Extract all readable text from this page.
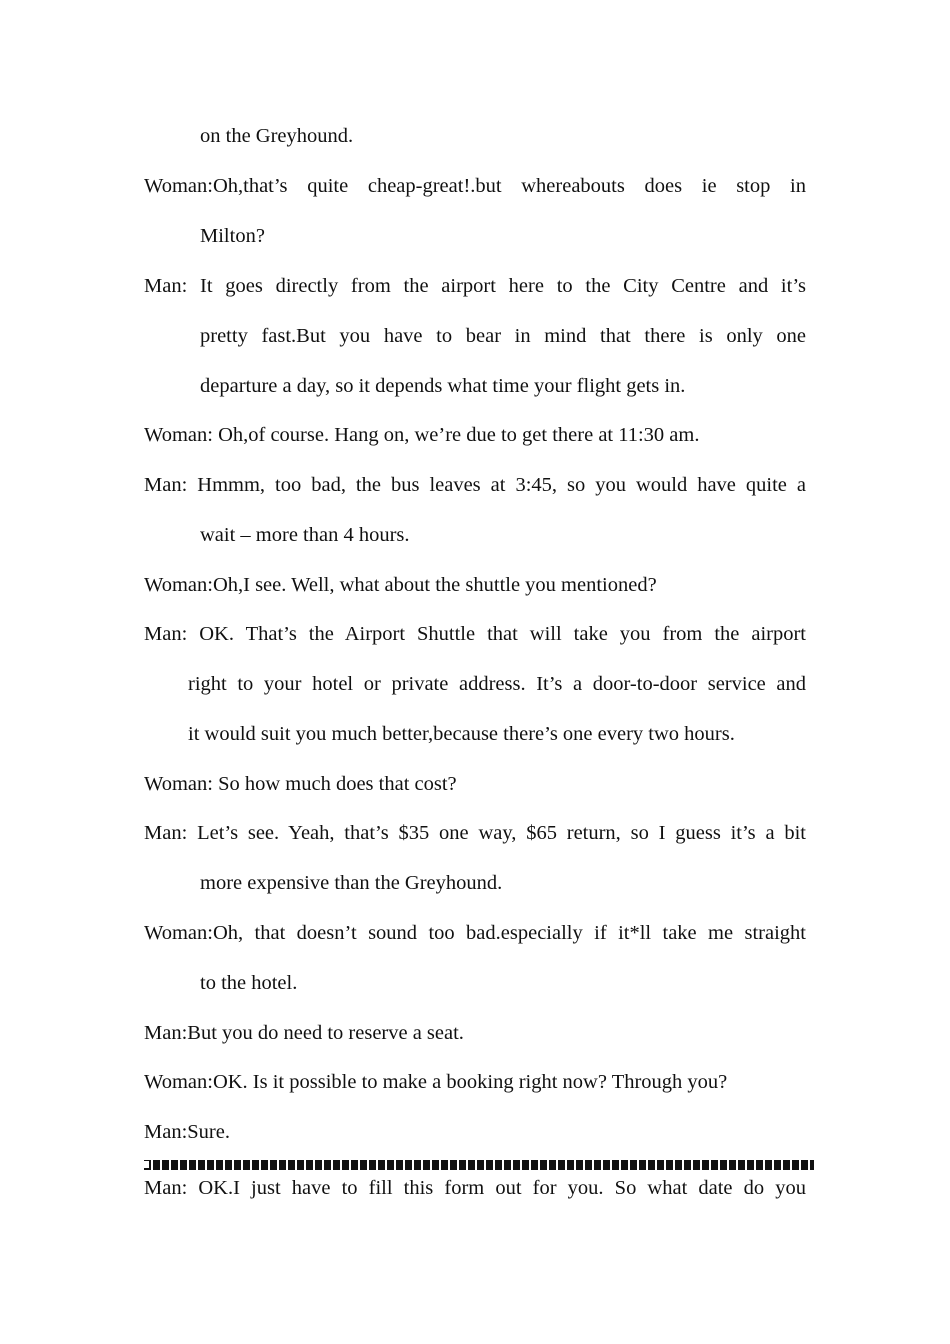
on the Greyhound.
Woman:Oh,that’s quite cheap-great!.but whereabouts does ie stop in
Milton?
Man: It goes directly from the airport here to the City Centre and it’s
pretty fast.But you have to bear in mind that there is only one
departure a day, so it depends what time your flight gets in.
Woman: Oh,of course. Hang on, we’re due to get there at 11:30 am.
Man: Hmmm, too bad, the bus leaves at 3:45, so you would have quite a
wait – more than 4 hours.
Woman:Oh,I see. Well, what about the shuttle you mentioned?
Man: OK. That’s the Airport Shuttle that will take you from the airport
right to your hotel or private address. It’s a door-to-door service and
it would suit you much better,because there’s one every two hours.
Woman: So how much does that cost?
Man: Let’s see. Yeah, that’s $35 one way, $65 return, so I guess it’s a bit
more expensive than the Greyhound.
Woman:Oh, that doesn’t sound too bad.especially if it*ll take me straight
to the hotel.
Man:But you do need to reserve a seat.
Woman:OK. Is it possible to make a booking right now? Through you?
Man:Sure.
Man: OK.I just have to fill this form out for you. So what date do you
